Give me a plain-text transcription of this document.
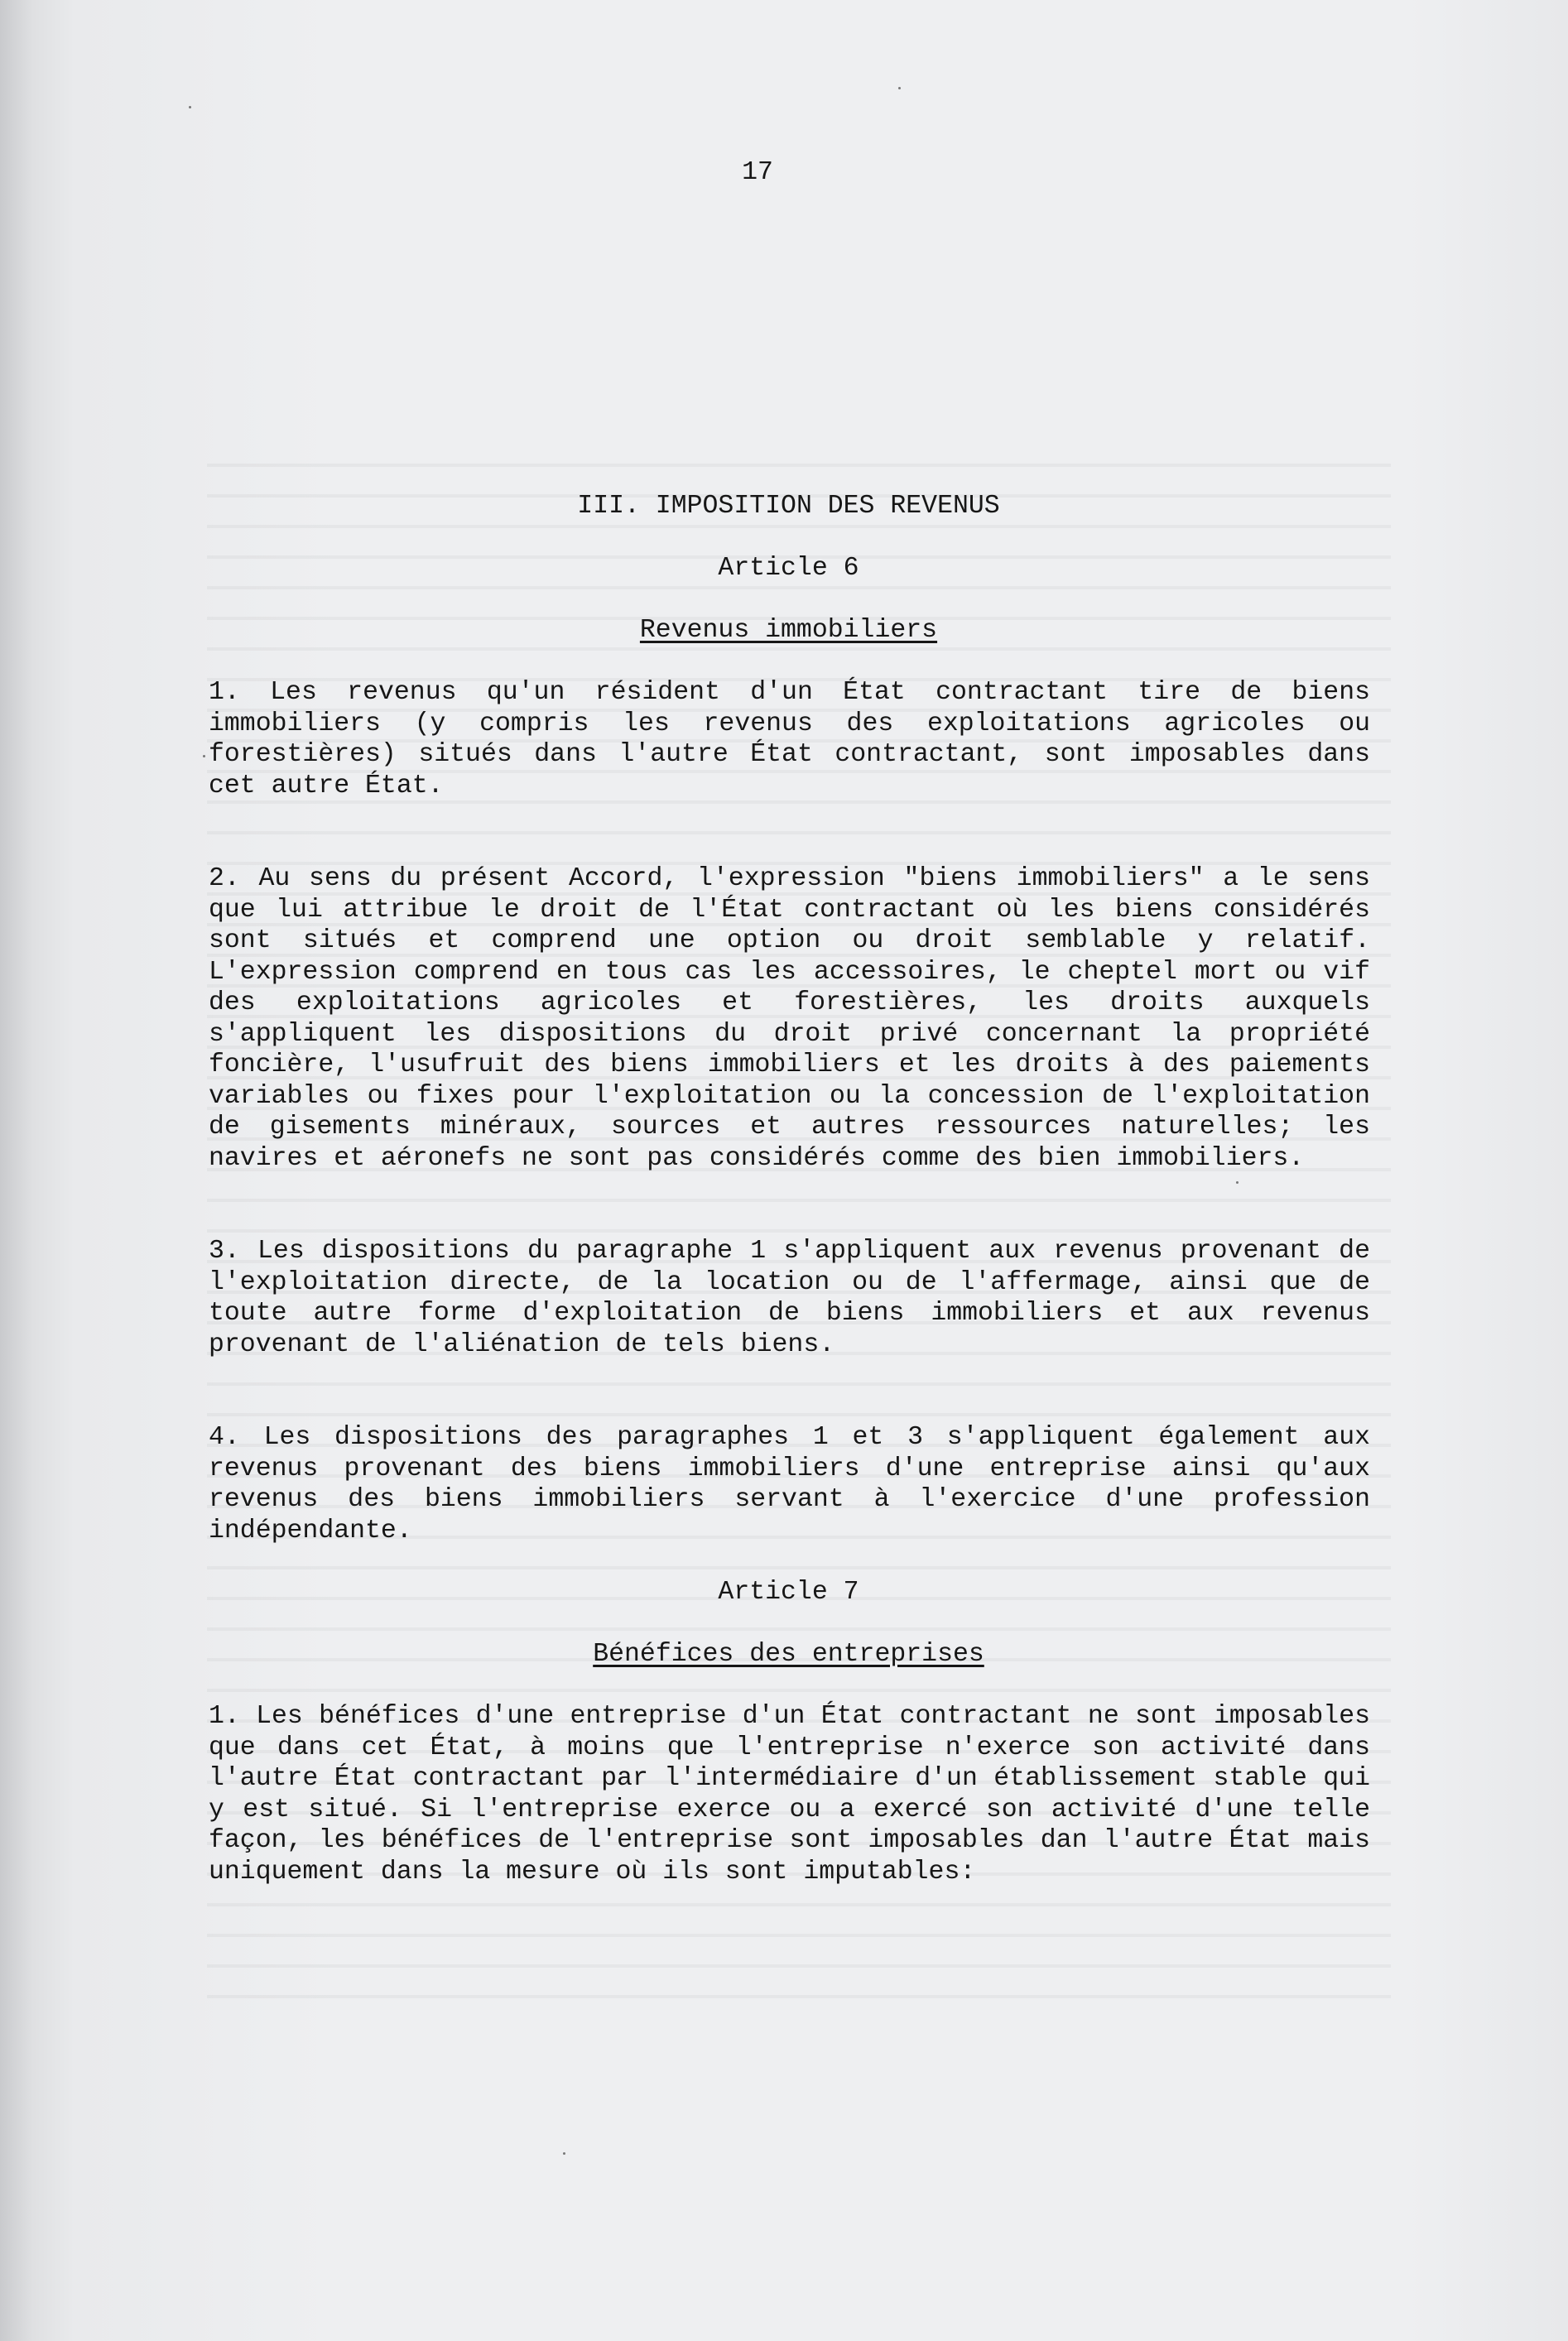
17
III. IMPOSITION DES REVENUS
Article 6
Revenus immobiliers

1. Les revenus qu'un résident d'un État contractant tire de biens immobiliers (y compris les revenus des exploitations agricoles ou forestières) situés dans l'autre État contractant, sont imposables dans cet autre État.

2. Au sens du présent Accord, l'expression "biens immobiliers" a le sens que lui attribue le droit de l'État contractant où les biens considérés sont situés et comprend une option ou droit semblable y relatif. L'expression comprend en tous cas les accessoires, le cheptel mort ou vif des exploitations agricoles et forestières, les droits auxquels s'appliquent les dispositions du droit privé concernant la propriété foncière, l'usufruit des biens immobiliers et les droits à des paiements variables ou fixes pour l'exploitation ou la concession de l'exploitation de gisements minéraux, sources et autres ressources naturelles; les navires et aéronefs ne sont pas considérés comme des bien immobiliers.

3. Les dispositions du paragraphe 1 s'appliquent aux revenus provenant de l'exploitation directe, de la location ou de l'affermage, ainsi que de toute autre forme d'exploitation de biens immobiliers et aux revenus provenant de l'aliénation de tels biens.

4. Les dispositions des paragraphes 1 et 3 s'appliquent également aux revenus provenant des biens immobiliers d'une entreprise ainsi qu'aux revenus des biens immobiliers servant à l'exercice d'une profession indépendante.

Article 7
Bénéfices des entreprises

1. Les bénéfices d'une entreprise d'un État contractant ne sont imposables que dans cet État, à moins que l'entreprise n'exerce son activité dans l'autre État contractant par l'intermédiaire d'un établissement stable qui y est situé. Si l'entreprise exerce ou a exercé son activité d'une telle façon, les bénéfices de l'entreprise sont imposables dan l'autre État mais uniquement dans la mesure où ils sont imputables:
